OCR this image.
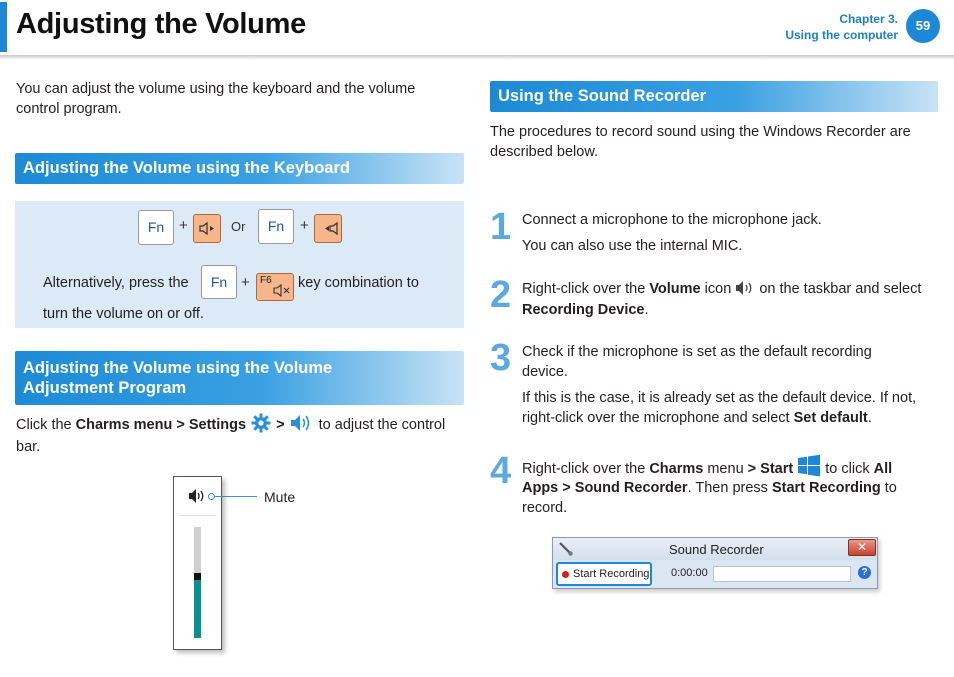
Adjusting the Volume	Chapter 3.
Using the computer
59
You can adjust the volume using the keyboard and the volume control program.
Adjusting the Volume using the Keyboard
Fn +	Or	Fn	+
Alternatively, press the	Fn + F6 key combination to
turn the volume on or off.
Adjusting the Volume using the Volume
Adjustment Program
Click the Charms menu > Settings > to adjust the control
bar.
Mute
Using the Sound Recorder
The procedures to record sound using the Windows Recorder are described below.
1 Connect a microphone to the microphone jack.
You can also use the internal MIC.
2 Right-click over the Volume icon on the taskbar and select
Recording Device.
3 Check if the microphone is set as the default recording
device.
If this is the case, it is already set as the default device. If not,
right-click over the microphone and select Set default.
4 Right-click over the Charms menu > Start to click All
Apps > Sound Recorder. Then press Start Recording to
record.
Sound Recorder	✕
Start Recording 0:00:00	?
